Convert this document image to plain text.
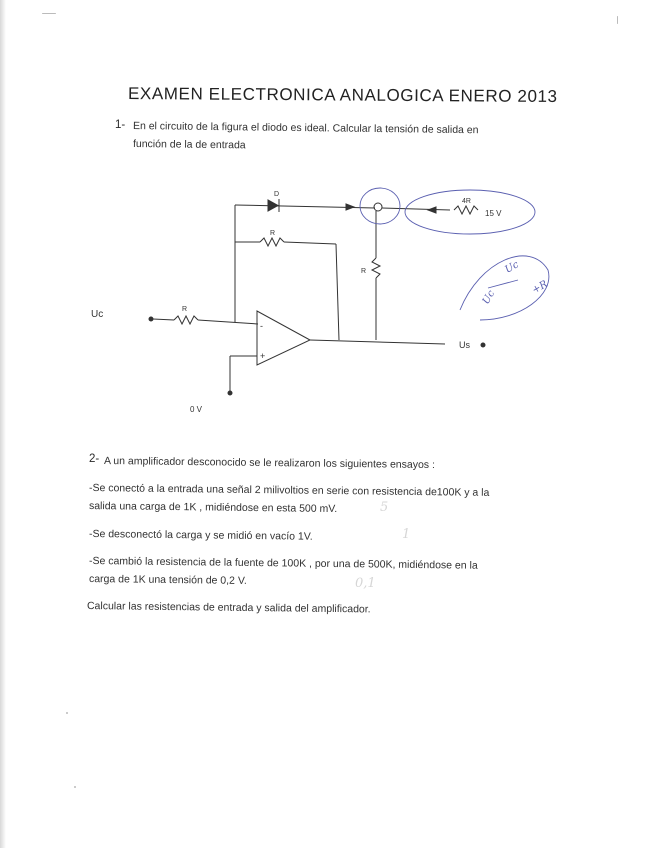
EXAMEN ELECTRONICA ANALOGICA ENERO 2013
1- En el circuito de la figura el diodo es ideal. Calcular la tensión de salida en
función de la de entrada
-
+
D
R
R
R
4R
15 V
Uc
Us
0 V
Uc
+R
Uc
2- A un amplificador desconocido se le realizaron los siguientes ensayos :
-Se conectó a la entrada una señal 2 milivoltios en serie con resistencia de100K y a la
salida una carga de 1K , midiéndose en esta 500 mV.
-Se desconectó la carga y se midió en vacío 1V.
-Se cambió la resistencia de la fuente de 100K , por una de 500K, midiéndose en la
carga de 1K una tensión de 0,2 V.
Calcular las resistencias de entrada y salida del amplificador.
5
1
0,1
